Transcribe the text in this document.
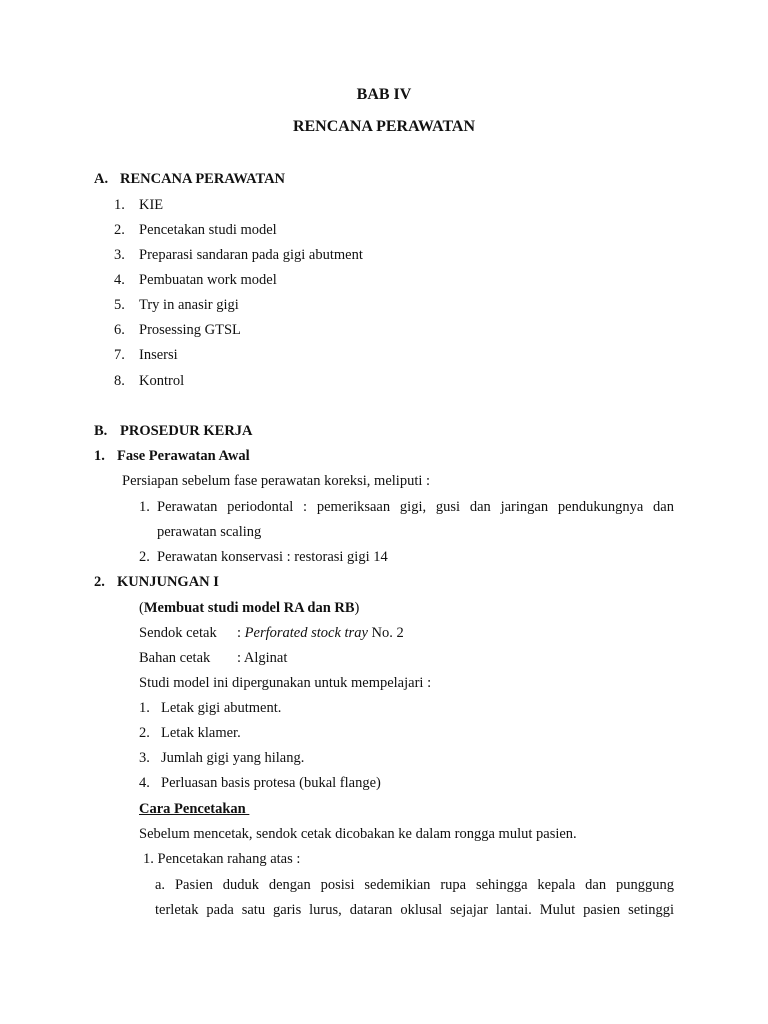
BAB IV
RENCANA PERAWATAN
A. RENCANA PERAWATAN
1. KIE
2. Pencetakan studi model
3. Preparasi sandaran pada gigi abutment
4. Pembuatan work model
5. Try in anasir gigi
6. Prosessing GTSL
7. Insersi
8. Kontrol
B. PROSEDUR KERJA
1. Fase Perawatan Awal
Persiapan sebelum fase perawatan koreksi, meliputi :
1. Perawatan periodontal : pemeriksaan gigi, gusi dan jaringan pendukungnya dan
perawatan scaling
2. Perawatan konservasi : restorasi gigi 14
2. KUNJUNGAN I
(Membuat studi model RA dan RB)
Sendok cetak : Perforated stock tray No. 2
Bahan cetak : Alginat
Studi model ini dipergunakan untuk mempelajari :
1. Letak gigi abutment.
2. Letak klamer.
3. Jumlah gigi yang hilang.
4. Perluasan basis protesa (bukal flange)
Cara Pencetakan
Sebelum mencetak, sendok cetak dicobakan ke dalam rongga mulut pasien.
1. Pencetakan rahang atas :
a. Pasien duduk dengan posisi sedemikian rupa sehingga kepala dan punggung
terletak pada satu garis lurus, dataran oklusal sejajar lantai. Mulut pasien setinggi
